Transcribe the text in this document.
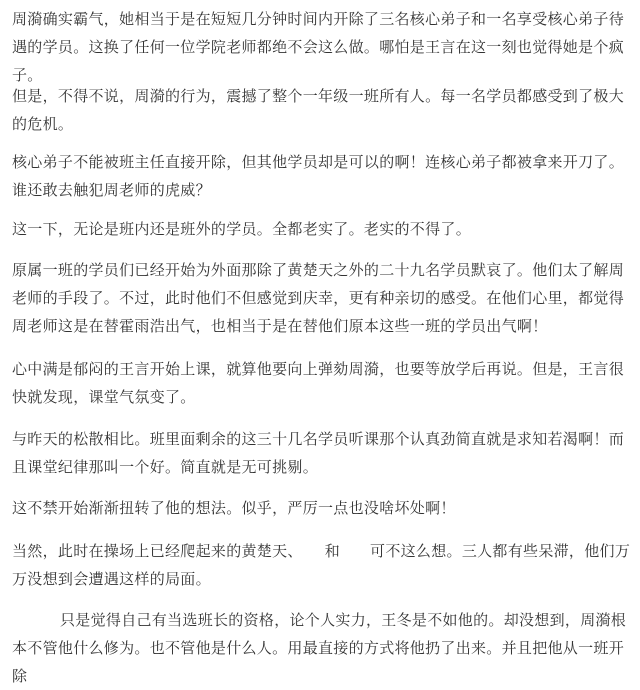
周漪确实霸气，她相当于是在短短几分钟时间内开除了三名核心弟子和一名享受核心弟子待遇的学员。这换了任何一位学院老师都绝不会这么做。哪怕是王言在这一刻也觉得她是个疯子。

但是，不得不说，周漪的行为，震撼了整个一年级一班所有人。每一名学员都感受到了极大的危机。

核心弟子不能被班主任直接开除，但其他学员却是可以的啊！连核心弟子都被拿来开刀了。谁还敢去触犯周老师的虎威？

这一下，无论是班内还是班外的学员。全都老实了。老实的不得了。

原属一班的学员们已经开始为外面那除了黄楚天之外的二十九名学员默哀了。他们太了解周老师的手段了。不过，此时他们不但感觉到庆幸，更有种亲切的感受。在他们心里，都觉得周老师这是在替霍雨浩出气，也相当于是在替他们原本这些一班的学员出气啊！

心中满是郁闷的王言开始上课，就算他要向上弹劾周漪，也要等放学后再说。但是，王言很快就发现，课堂气氛变了。

与昨天的松散相比。班里面剩余的这三十几名学员听课那个认真劲简直就是求知若渴啊！而且课堂纪律那叫一个好。简直就是无可挑剔。

这不禁开始渐渐扭转了他的想法。似乎，严厉一点也没啥坏处啊！

当然，此时在操场上已经爬起来的黄楚天、 和 可不这么想。三人都有些呆滞，他们万万没想到会遭遇这样的局面。

只是觉得自己有当选班长的资格，论个人实力，王冬是不如他的。却没想到，周漪根本不管他什么修为。也不管他是什么人。用最直接的方式将他扔了出来。并且把他从一班开除
